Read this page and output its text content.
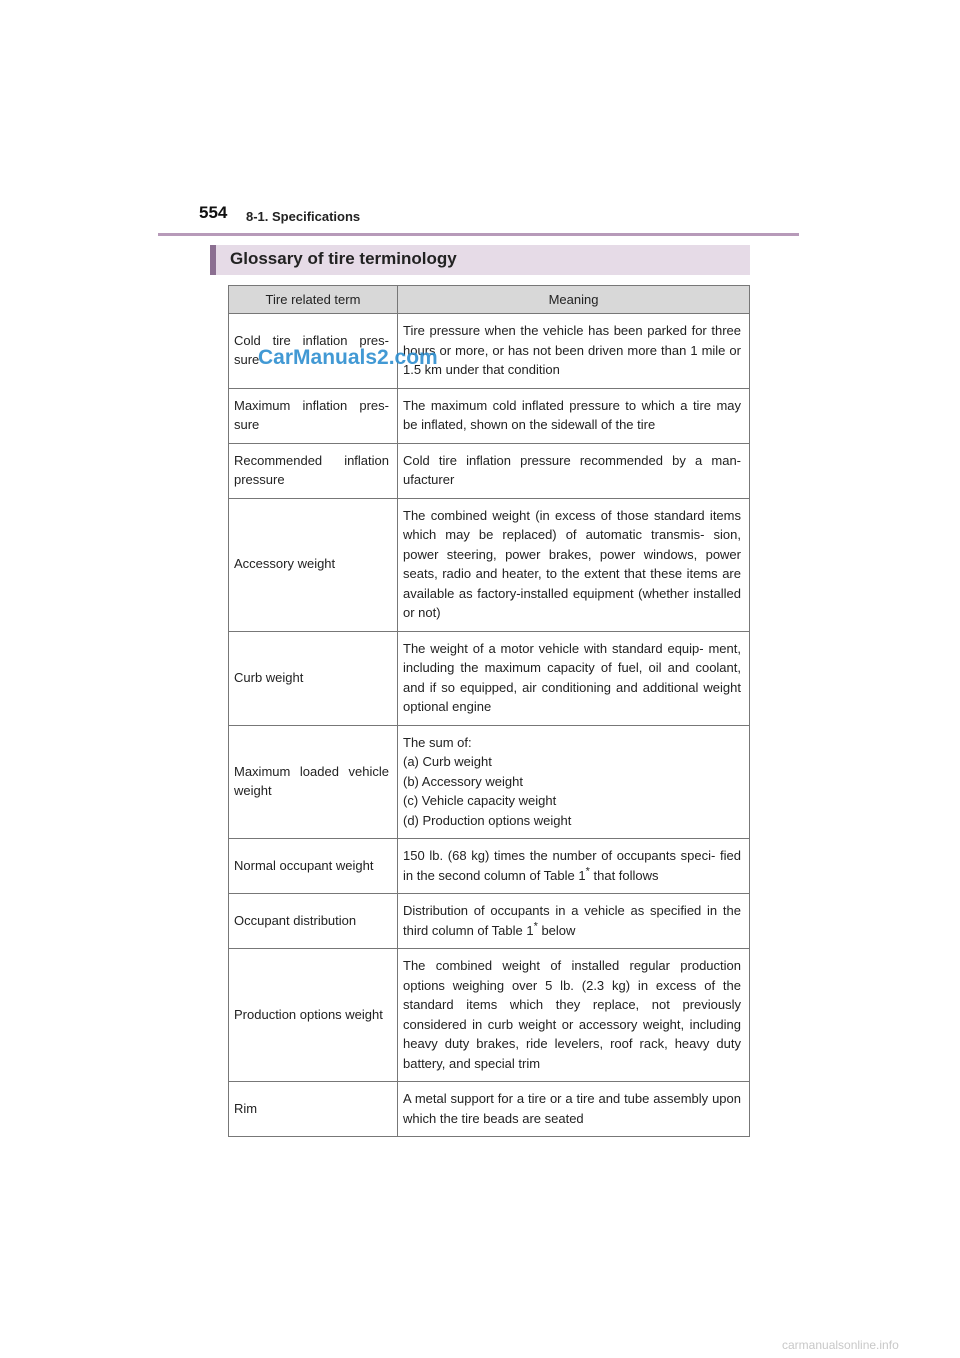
554 8-1. Specifications
Glossary of tire terminology
Tire related term	Meaning
Cold tire inflation pres- sure	Tire pressure when the vehicle has been parked for three hours or more, or has not been driven more than 1 mile or 1.5 km under that condition
Maximum inflation pres- sure	The maximum cold inflated pressure to which a tire may be inflated, shown on the sidewall of the tire
Recommended inflation pressure	Cold tire inflation pressure recommended by a man- ufacturer
Accessory weight	The combined weight (in excess of those standard items which may be replaced) of automatic transmis- sion, power steering, power brakes, power windows, power seats, radio and heater, to the extent that these items are available as factory-installed equipment (whether installed or not)
Curb weight	The weight of a motor vehicle with standard equip- ment, including the maximum capacity of fuel, oil and coolant, and if so equipped, air conditioning and additional weight optional engine
Maximum loaded vehicle weight	The sum of:
(a) Curb weight
(b) Accessory weight
(c) Vehicle capacity weight
(d) Production options weight

Normal occupant weight	150 lb. (68 kg) times the number of occupants speci- fied in the second column of Table 1* that follows
Occupant distribution	Distribution of occupants in a vehicle as specified in the third column of Table 1* below
Production options weight	The combined weight of installed regular production options weighing over 5 lb. (2.3 kg) in excess of the standard items which they replace, not previously considered in curb weight or accessory weight, including heavy duty brakes, ride levelers, roof rack, heavy duty battery, and special trim
Rim	A metal support for a tire or a tire and tube assembly upon which the tire beads are seated
CarManuals2.com
carmanualsonline.info
